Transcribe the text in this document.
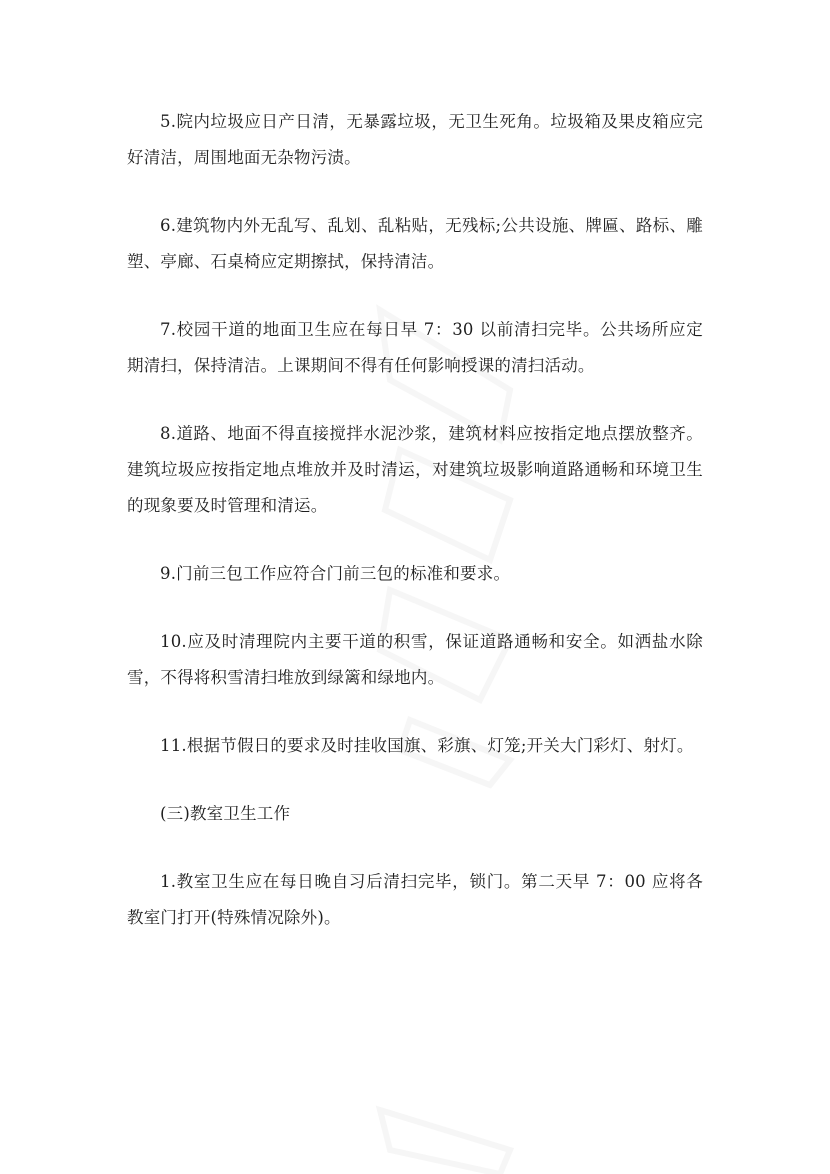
5.院内垃圾应日产日清，无暴露垃圾，无卫生死角。垃圾箱及果皮箱应完好清洁，周围地面无杂物污渍。

6.建筑物内外无乱写、乱划、乱粘贴，无残标;公共设施、牌匾、路标、雕塑、亭廊、石桌椅应定期擦拭，保持清洁。

7.校园干道的地面卫生应在每日早 7：30 以前清扫完毕。公共场所应定期清扫，保持清洁。上课期间不得有任何影响授课的清扫活动。

8.道路、地面不得直接搅拌水泥沙浆，建筑材料应按指定地点摆放整齐。建筑垃圾应按指定地点堆放并及时清运，对建筑垃圾影响道路通畅和环境卫生的现象要及时管理和清运。

9.门前三包工作应符合门前三包的标准和要求。

10.应及时清理院内主要干道的积雪，保证道路通畅和安全。如洒盐水除雪，不得将积雪清扫堆放到绿篱和绿地内。

11.根据节假日的要求及时挂收国旗、彩旗、灯笼;开关大门彩灯、射灯。

(三)教室卫生工作

1.教室卫生应在每日晚自习后清扫完毕，锁门。第二天早 7：00 应将各教室门打开(特殊情况除外)。
